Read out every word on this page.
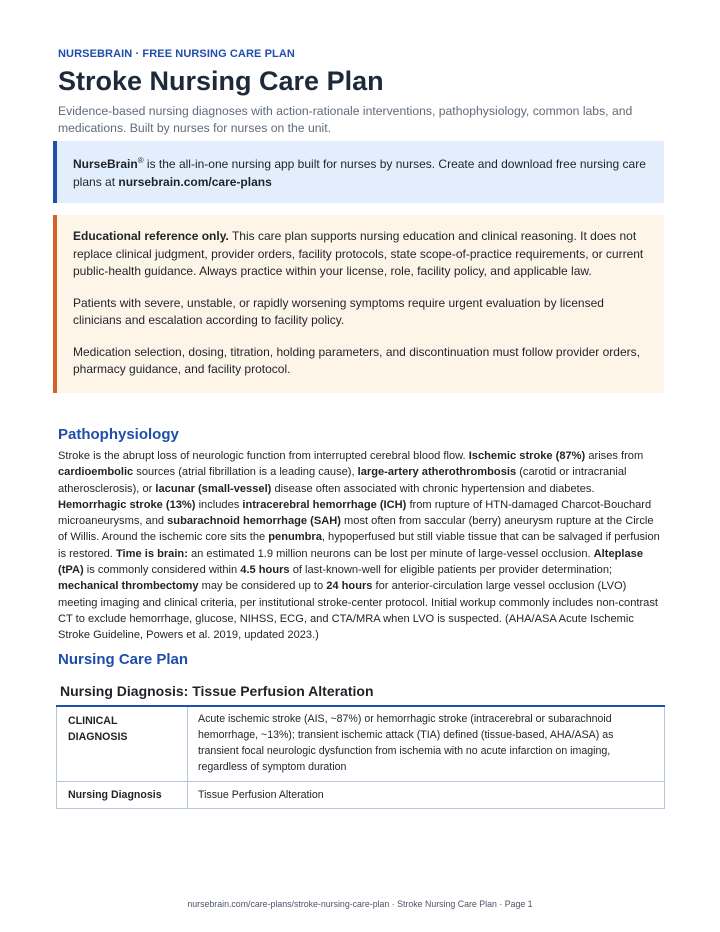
NURSEBRAIN · FREE NURSING CARE PLAN

Stroke Nursing Care Plan

Evidence-based nursing diagnoses with action-rationale interventions, pathophysiology, common labs, and medications. Built by nurses for nurses on the unit.

NurseBrain® is the all-in-one nursing app built for nurses by nurses. Create and download free nursing care plans at nursebrain.com/care-plans

Educational reference only. This care plan supports nursing education and clinical reasoning. It does not replace clinical judgment, provider orders, facility protocols, state scope-of-practice requirements, or current public-health guidance. Always practice within your license, role, facility policy, and applicable law.

Patients with severe, unstable, or rapidly worsening symptoms require urgent evaluation by licensed clinicians and escalation according to facility policy.

Medication selection, dosing, titration, holding parameters, and discontinuation must follow provider orders, pharmacy guidance, and facility protocol.

Pathophysiology

Stroke is the abrupt loss of neurologic function from interrupted cerebral blood flow. Ischemic stroke (87%) arises from cardioembolic sources (atrial fibrillation is a leading cause), large-artery atherothrombosis (carotid or intracranial atherosclerosis), or lacunar (small-vessel) disease often associated with chronic hypertension and diabetes. Hemorrhagic stroke (13%) includes intracerebral hemorrhage (ICH) from rupture of HTN-damaged Charcot-Bouchard microaneurysms, and subarachnoid hemorrhage (SAH) most often from saccular (berry) aneurysm rupture at the Circle of Willis. Around the ischemic core sits the penumbra, hypoperfused but still viable tissue that can be salvaged if perfusion is restored. Time is brain: an estimated 1.9 million neurons can be lost per minute of large-vessel occlusion. Alteplase (tPA) is commonly considered within 4.5 hours of last-known-well for eligible patients per provider determination; mechanical thrombectomy may be considered up to 24 hours for anterior-circulation large vessel occlusion (LVO) meeting imaging and clinical criteria, per institutional stroke-center protocol. Initial workup commonly includes non-contrast CT to exclude hemorrhage, glucose, NIHSS, ECG, and CTA/MRA when LVO is suspected. (AHA/ASA Acute Ischemic Stroke Guideline, Powers et al. 2019, updated 2023.)

Nursing Care Plan
Nursing Diagnosis: Tissue Perfusion Alteration
CLINICAL DIAGNOSIS	Acute ischemic stroke (AIS, ~87%) or hemorrhagic stroke (intracerebral or subarachnoid hemorrhage, ~13%); transient ischemic attack (TIA) defined (tissue-based, AHA/ASA) as transient focal neurologic dysfunction from ischemia with no acute infarction on imaging, regardless of symptom duration
Nursing Diagnosis	Tissue Perfusion Alteration
nursebrain.com/care-plans/stroke-nursing-care-plan · Stroke Nursing Care Plan · Page 1
